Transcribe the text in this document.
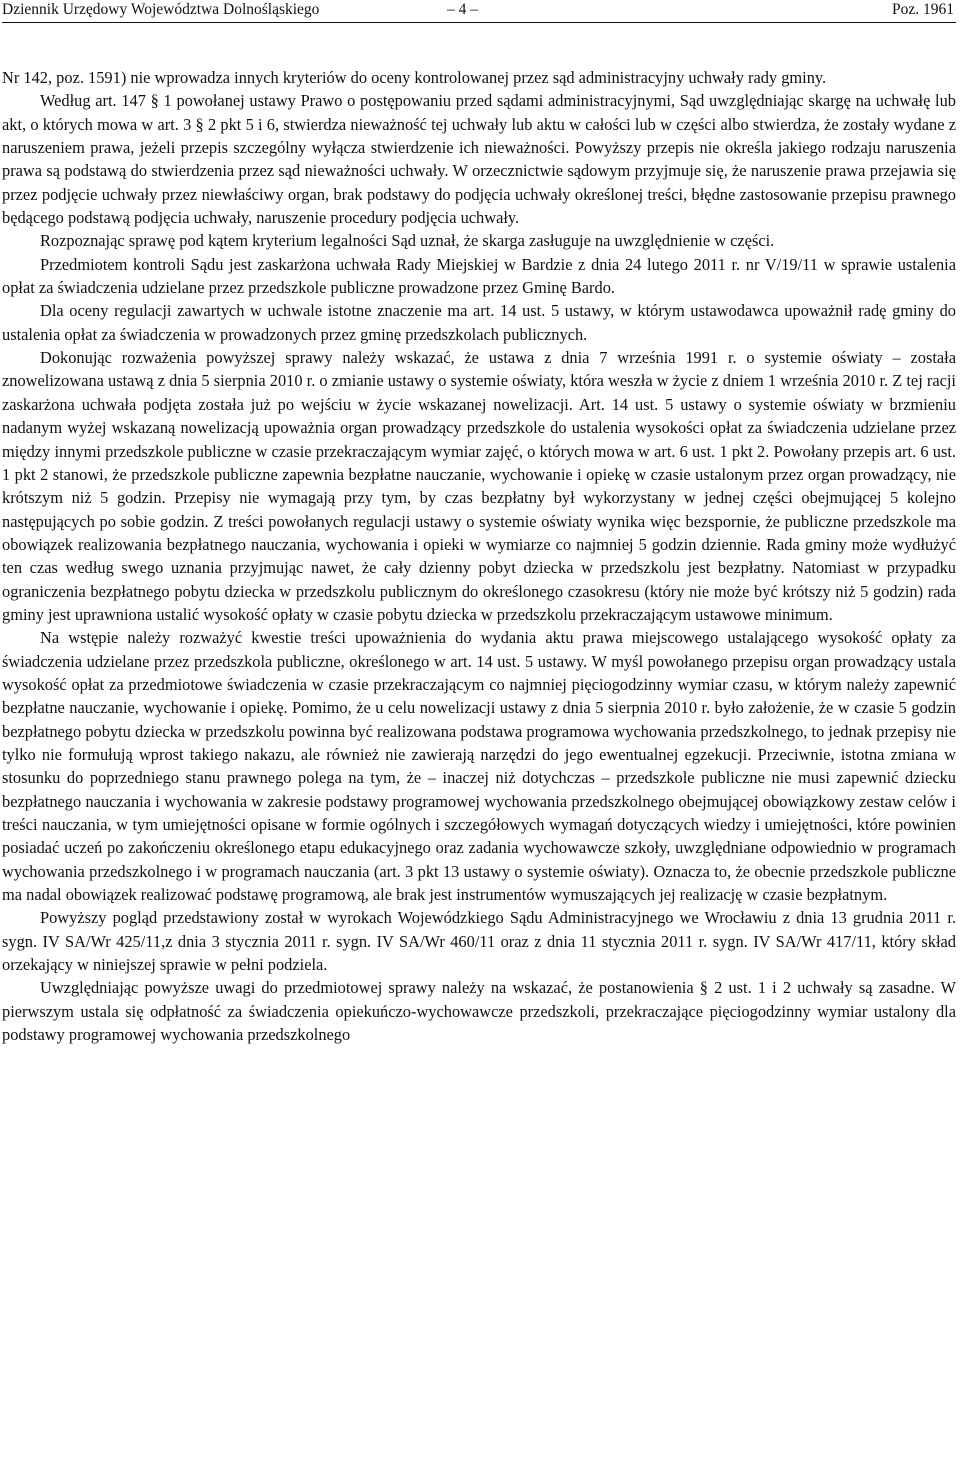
Dziennik Urzędowy Województwa Dolnośląskiego	– 4 –	Poz. 1961

Nr 142, poz. 1591) nie wprowadza innych kryteriów do oceny kontrolowanej przez sąd administracyjny uchwały rady gminy.

Według art. 147 § 1 powołanej ustawy Prawo o postępowaniu przed sądami administracyjnymi, Sąd uwzględniając skargę na uchwałę lub akt, o których mowa w art. 3 § 2 pkt 5 i 6, stwierdza nieważność tej uchwały lub aktu w całości lub w części albo stwierdza, że zostały wydane z naruszeniem prawa, jeżeli przepis szczególny wyłącza stwierdzenie ich nieważności. Powyższy przepis nie określa jakiego rodzaju naruszenia prawa są podstawą do stwierdzenia przez sąd nieważności uchwały. W orzecznictwie sądowym przyjmuje się, że naruszenie prawa przejawia się przez podjęcie uchwały przez niewłaściwy organ, brak podstawy do podjęcia uchwały określonej treści, błędne zastosowanie przepisu prawnego będącego podstawą podjęcia uchwały, naruszenie procedury podjęcia uchwały.

Rozpoznając sprawę pod kątem kryterium legalności Sąd uznał, że skarga zasługuje na uwzględnienie w części.

Przedmiotem kontroli Sądu jest zaskarżona uchwała Rady Miejskiej w Bardzie z dnia 24 lutego 2011 r. nr V/19/11 w sprawie ustalenia opłat za świadczenia udzielane przez przedszkole publiczne prowadzone przez Gminę Bardo.

Dla oceny regulacji zawartych w uchwale istotne znaczenie ma art. 14 ust. 5 ustawy, w którym ustawodawca upoważnił radę gminy do ustalenia opłat za świadczenia w prowadzonych przez gminę przedszkolach publicznych.

Dokonując rozważenia powyższej sprawy należy wskazać, że ustawa z dnia 7 września 1991 r. o systemie oświaty – została znowelizowana ustawą z dnia 5 sierpnia 2010 r. o zmianie ustawy o systemie oświaty, która weszła w życie z dniem 1 września 2010 r. Z tej racji zaskarżona uchwała podjęta została już po wejściu w życie wskazanej nowelizacji. Art. 14 ust. 5 ustawy o systemie oświaty w brzmieniu nadanym wyżej wskazaną nowelizacją upoważnia organ prowadzący przedszkole do ustalenia wysokości opłat za świadczenia udzielane przez między innymi przedszkole publiczne w czasie przekraczającym wymiar zajęć, o których mowa w art. 6 ust. 1 pkt 2. Powołany przepis art. 6 ust. 1 pkt 2 stanowi, że przedszkole publiczne zapewnia bezpłatne nauczanie, wychowanie i opiekę w czasie ustalonym przez organ prowadzący, nie krótszym niż 5 godzin. Przepisy nie wymagają przy tym, by czas bezpłatny był wykorzystany w jednej części obejmującej 5 kolejno następujących po sobie godzin. Z treści powołanych regulacji ustawy o systemie oświaty wynika więc bezspornie, że publiczne przedszkole ma obowiązek realizowania bezpłatnego nauczania, wychowania i opieki w wymiarze co najmniej 5 godzin dziennie. Rada gminy może wydłużyć ten czas według swego uznania przyjmując nawet, że cały dzienny pobyt dziecka w przedszkolu jest bezpłatny. Natomiast w przypadku ograniczenia bezpłatnego pobytu dziecka w przedszkolu publicznym do określonego czasokresu (który nie może być krótszy niż 5 godzin) rada gminy jest uprawniona ustalić wysokość opłaty w czasie pobytu dziecka w przedszkolu przekraczającym ustawowe minimum.

Na wstępie należy rozważyć kwestie treści upoważnienia do wydania aktu prawa miejscowego ustalającego wysokość opłaty za świadczenia udzielane przez przedszkola publiczne, określonego w art. 14 ust. 5 ustawy. W myśl powołanego przepisu organ prowadzący ustala wysokość opłat za przedmiotowe świadczenia w czasie przekraczającym co najmniej pięciogodzinny wymiar czasu, w którym należy zapewnić bezpłatne nauczanie, wychowanie i opiekę. Pomimo, że u celu nowelizacji ustawy z dnia 5 sierpnia 2010 r. było założenie, że w czasie 5 godzin bezpłatnego pobytu dziecka w przedszkolu powinna być realizowana podstawa programowa wychowania przedszkolnego, to jednak przepisy nie tylko nie formułują wprost takiego nakazu, ale również nie zawierają narzędzi do jego ewentualnej egzekucji. Przeciwnie, istotna zmiana w stosunku do poprzedniego stanu prawnego polega na tym, że – inaczej niż dotychczas – przedszkole publiczne nie musi zapewnić dziecku bezpłatnego nauczania i wychowania w zakresie podstawy programowej wychowania przedszkolnego obejmującej obowiązkowy zestaw celów i treści nauczania, w tym umiejętności opisane w formie ogólnych i szczegółowych wymagań dotyczących wiedzy i umiejętności, które powinien posiadać uczeń po zakończeniu określonego etapu edukacyjnego oraz zadania wychowawcze szkoły, uwzględniane odpowiednio w programach wychowania przedszkolnego i w programach nauczania (art. 3 pkt 13 ustawy o systemie oświaty). Oznacza to, że obecnie przedszkole publiczne ma nadal obowiązek realizować podstawę programową, ale brak jest instrumentów wymuszających jej realizację w czasie bezpłatnym.

Powyższy pogląd przedstawiony został w wyrokach Wojewódzkiego Sądu Administracyjnego we Wrocławiu z dnia 13 grudnia 2011 r. sygn. IV SA/Wr 425/11,z dnia 3 stycznia 2011 r. sygn. IV SA/Wr 460/11 oraz z dnia 11 stycznia 2011 r. sygn. IV SA/Wr 417/11, który skład orzekający w niniejszej sprawie w pełni podziela.

Uwzględniając powyższe uwagi do przedmiotowej sprawy należy na wskazać, że postanowienia § 2 ust. 1 i 2 uchwały są zasadne. W pierwszym ustala się odpłatność za świadczenia opiekuńczo-wychowawcze przedszkoli, przekraczające pięciogodzinny wymiar ustalony dla podstawy programowej wychowania przedszkolnego
